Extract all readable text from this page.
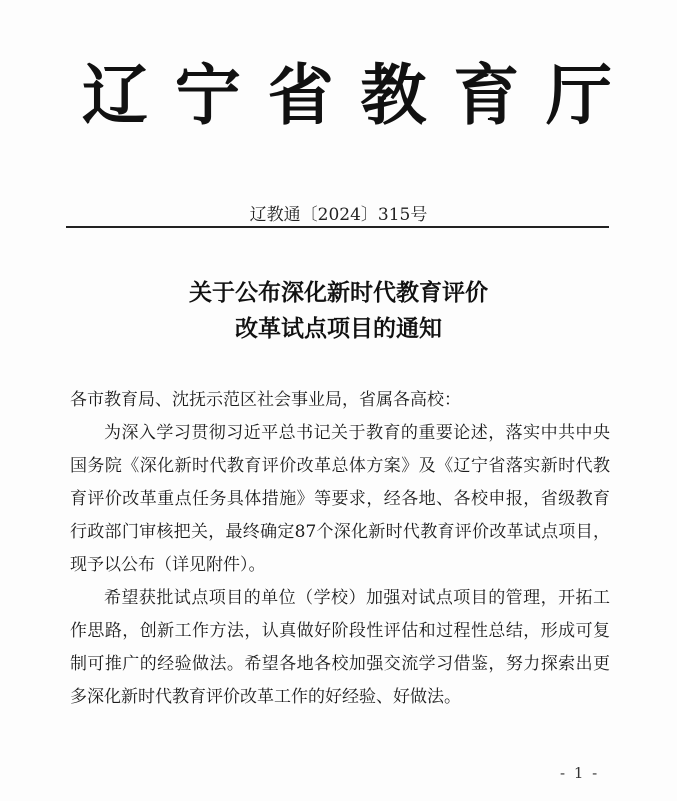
辽 宁 省 教 育 厅
辽教通〔2024〕315号
关于公布深化新时代教育评价
改革试点项目的通知

各市教育局、沈抚示范区社会事业局，省属各高校：

为深入学习贯彻习近平总书记关于教育的重要论述，落实中共中央 国务院《深化新时代教育评价改革总体方案》及《辽宁省落实新时代教育评价改革重点任务具体措施》等要求，经各地、各校申报，省级教育行政部门审核把关，最终确定87个深化新时代教育评价改革试点项目，现予以公布（详见附件）。

希望获批试点项目的单位（学校）加强对试点项目的管理，开拓工作思路，创新工作方法，认真做好阶段性评估和过程性总结，形成可复制可推广的经验做法。希望各地各校加强交流学习借鉴，努力探索出更多深化新时代教育评价改革工作的好经验、好做法。

- 1 -
